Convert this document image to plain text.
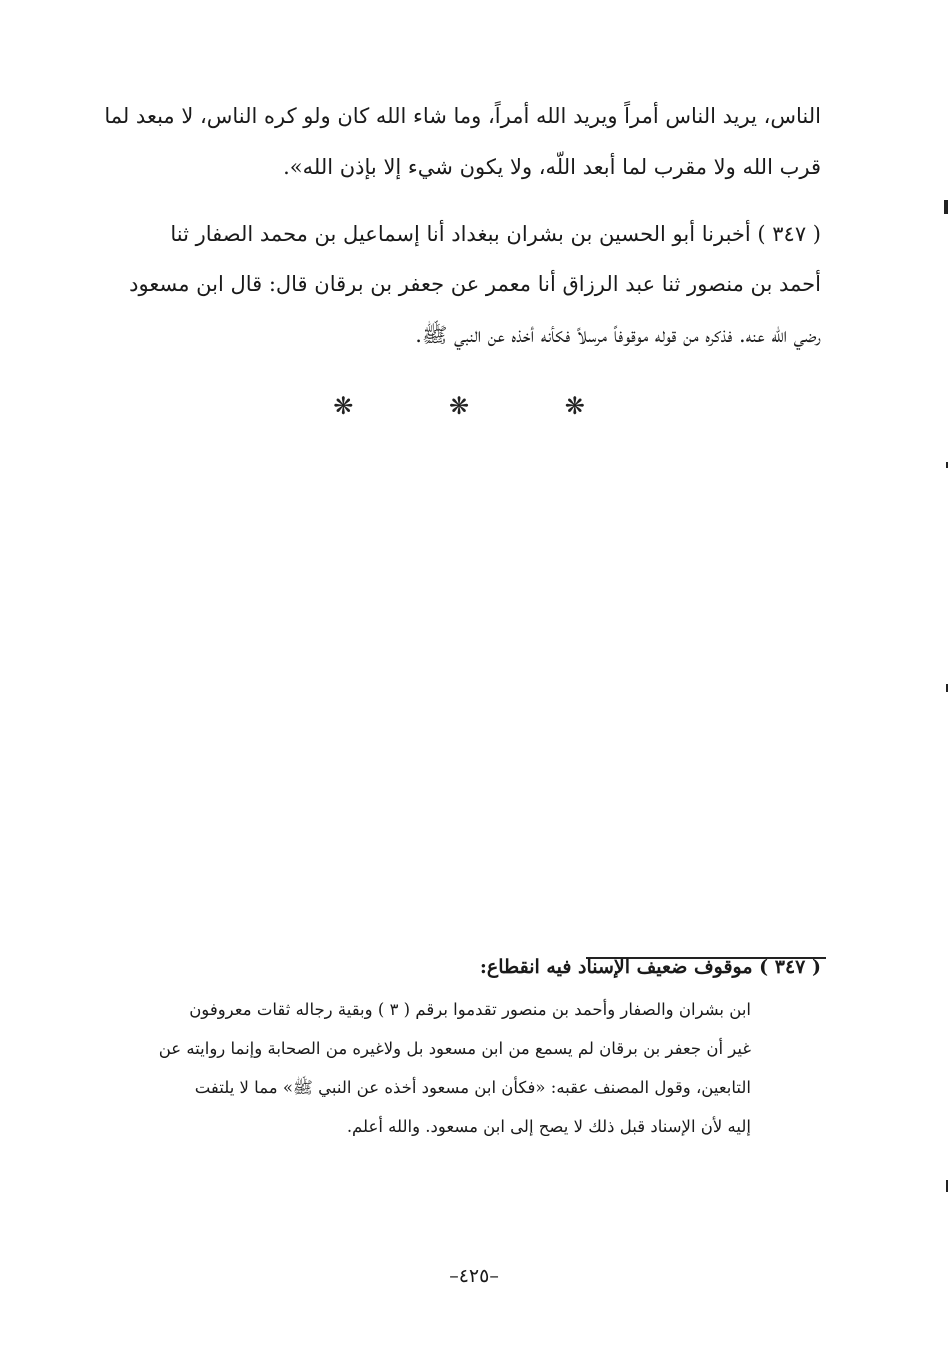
الناس، يريد الناس أمراً ويريد الله أمراً، وما شاء الله كان ولو كره الناس، لا مبعد لما
قرب الله ولا مقرب لما أبعد اللّه، ولا يكون شيء إلا بإذن الله».
( ٣٤٧ ) أخبرنا أبو الحسين بن بشران ببغداد أنا إسماعيل بن محمد الصفار ثنا
أحمد بن منصور ثنا عبد الرزاق أنا معمر عن جعفر بن برقان قال: قال ابن مسعود
رضي الله عنه. فذكره من قوله موقوفاً مرسلاً فكأنه أخذه عن النبي ﷺ.
❋	❋	❋
( ٣٤٧ ) موقوف ضعيف الإسناد فيه انقطاع:
ابن بشران والصفار وأحمد بن منصور تقدموا برقم ( ٣ ) وبقية رجاله ثقات معروفون
غير أن جعفر بن برقان لم يسمع من ابن مسعود بل ولاغيره من الصحابة وإنما روايته عن
التابعين، وقول المصنف عقبه: «فكأن ابن مسعود أخذه عن النبي ﷺ» مما لا يلتفت
إليه لأن الإسناد قبل ذلك لا يصح إلى ابن مسعود. والله أعلم.
–٤٢٥–
